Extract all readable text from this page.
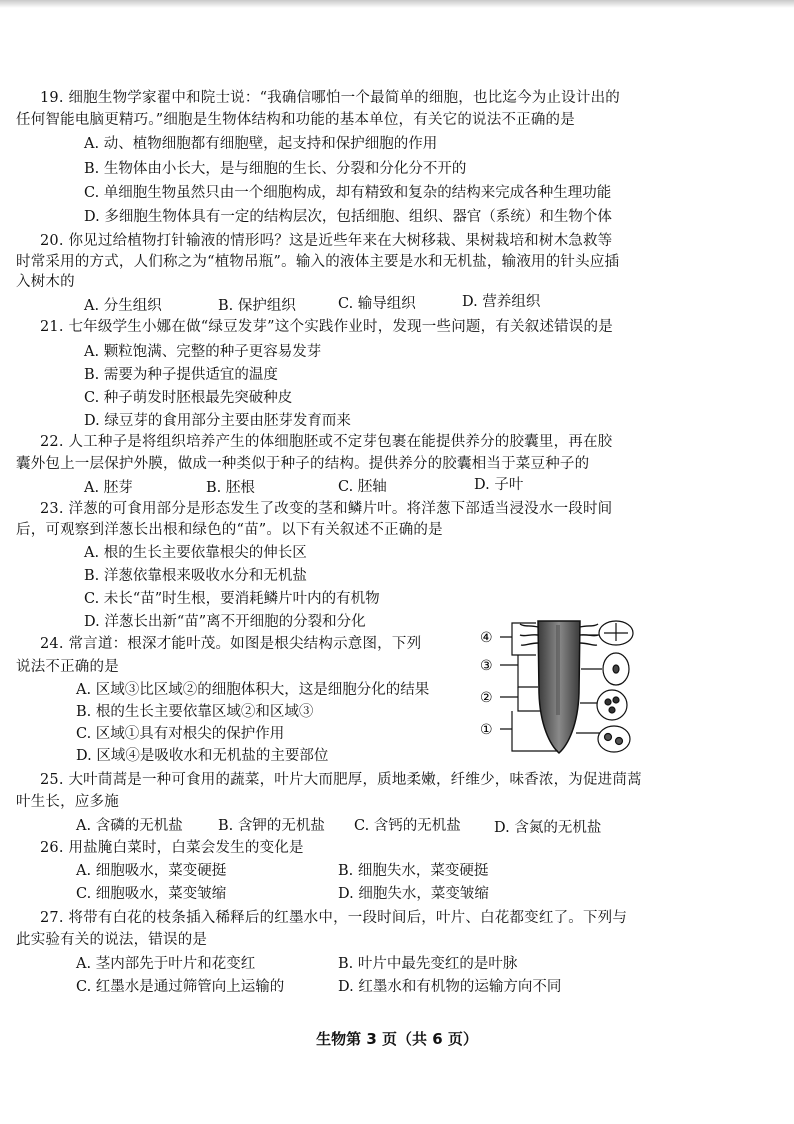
19. 细胞生物学家翟中和院士说：“我确信哪怕一个最简单的细胞，也比迄今为止设计出的
任何智能电脑更精巧。”细胞是生物体结构和功能的基本单位，有关它的说法不正确的是
A. 动、植物细胞都有细胞壁，起支持和保护细胞的作用
B. 生物体由小长大，是与细胞的生长、分裂和分化分不开的
C. 单细胞生物虽然只由一个细胞构成，却有精致和复杂的结构来完成各种生理功能
D. 多细胞生物体具有一定的结构层次，包括细胞、组织、器官（系统）和生物个体
20. 你见过给植物打针输液的情形吗？这是近些年来在大树移栽、果树栽培和树木急救等
时常采用的方式，人们称之为“植物吊瓶”。输入的液体主要是水和无机盐，输液用的针头应插
入树木的
A. 分生组织	B. 保护组织	C. 输导组织	D. 营养组织
21. 七年级学生小娜在做“绿豆发芽”这个实践作业时，发现一些问题，有关叙述错误的是
A. 颗粒饱满、完整的种子更容易发芽
B. 需要为种子提供适宜的温度
C. 种子萌发时胚根最先突破种皮
D. 绿豆芽的食用部分主要由胚芽发育而来
22. 人工种子是将组织培养产生的体细胞胚或不定芽包裹在能提供养分的胶囊里，再在胶
囊外包上一层保护外膜，做成一种类似于种子的结构。提供养分的胶囊相当于菜豆种子的
A. 胚芽	B. 胚根	C. 胚轴	D. 子叶
23. 洋葱的可食用部分是形态发生了改变的茎和鳞片叶。将洋葱下部适当浸没水一段时间
后，可观察到洋葱长出根和绿色的“苗”。以下有关叙述不正确的是
A. 根的生长主要依靠根尖的伸长区
B. 洋葱依靠根来吸收水分和无机盐
C. 未长“苗”时生根，要消耗鳞片叶内的有机物
D. 洋葱长出新“苗”离不开细胞的分裂和分化
24. 常言道：根深才能叶茂。如图是根尖结构示意图，下列
说法不正确的是
A. 区域③比区域②的细胞体积大，这是细胞分化的结果
B. 根的生长主要依靠区域②和区域③
C. 区域①具有对根尖的保护作用
D. 区域④是吸收水和无机盐的主要部位
④
③
②
①
25. 大叶茼蒿是一种可食用的蔬菜，叶片大而肥厚，质地柔嫩，纤维少，味香浓，为促进茼蒿
叶生长，应多施
A. 含磷的无机盐 B. 含钾的无机盐 C. 含钙的无机盐 D. 含氮的无机盐
26. 用盐腌白菜时，白菜会发生的变化是
A. 细胞吸水，菜变硬挺	B. 细胞失水，菜变硬挺
C. 细胞吸水，菜变皱缩	D. 细胞失水，菜变皱缩
27. 将带有白花的枝条插入稀释后的红墨水中，一段时间后，叶片、白花都变红了。下列与
此实验有关的说法，错误的是
A. 茎内部先于叶片和花变红	B. 叶片中最先变红的是叶脉
C. 红墨水是通过筛管向上运输的	D. 红墨水和有机物的运输方向不同
生物第 3 页（共 6 页）
